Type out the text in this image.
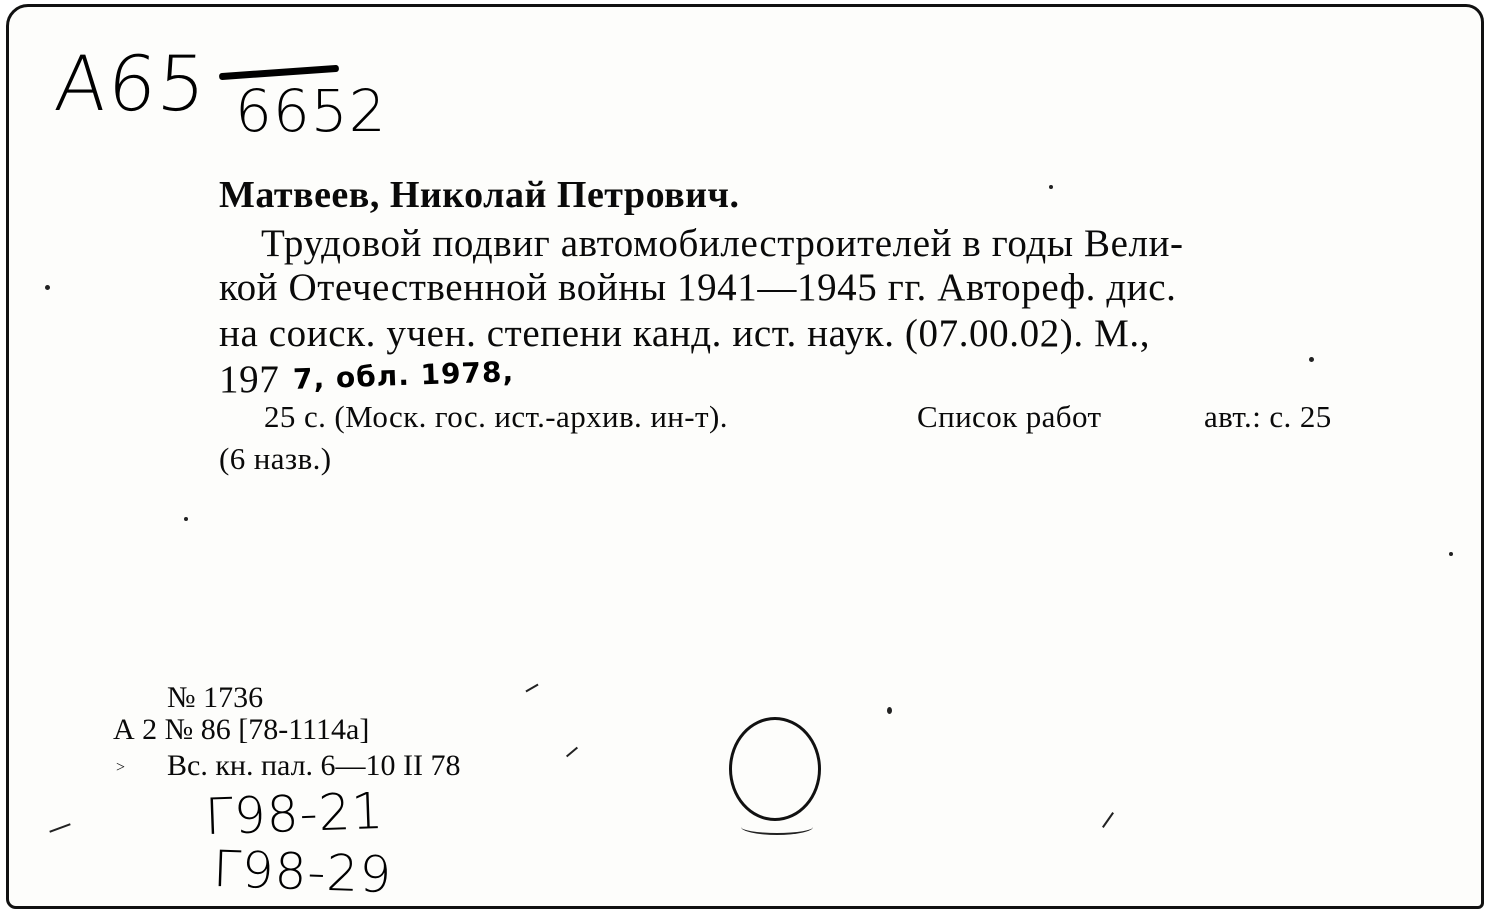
A65 6652
Матвеев, Николай Петрович.
Трудовой подвиг автомобилестроителей в годы Вели-
кой Отечественной войны 1941—1945 гг. Автореф. дис.
на соиск. учен. степени канд. ист. наук. (07.00.02). М.,
197 7, обл. 1978,
25 с. (Моск. гос. ист.-архив. ин-т).	Список работ	авт.: с. 25
(6 назв.)
№ 1736
А 2 № 86 [78-1114а]
˃ Вс. кн. пал. 6—10 II 78
Г98-21
Г98-29
